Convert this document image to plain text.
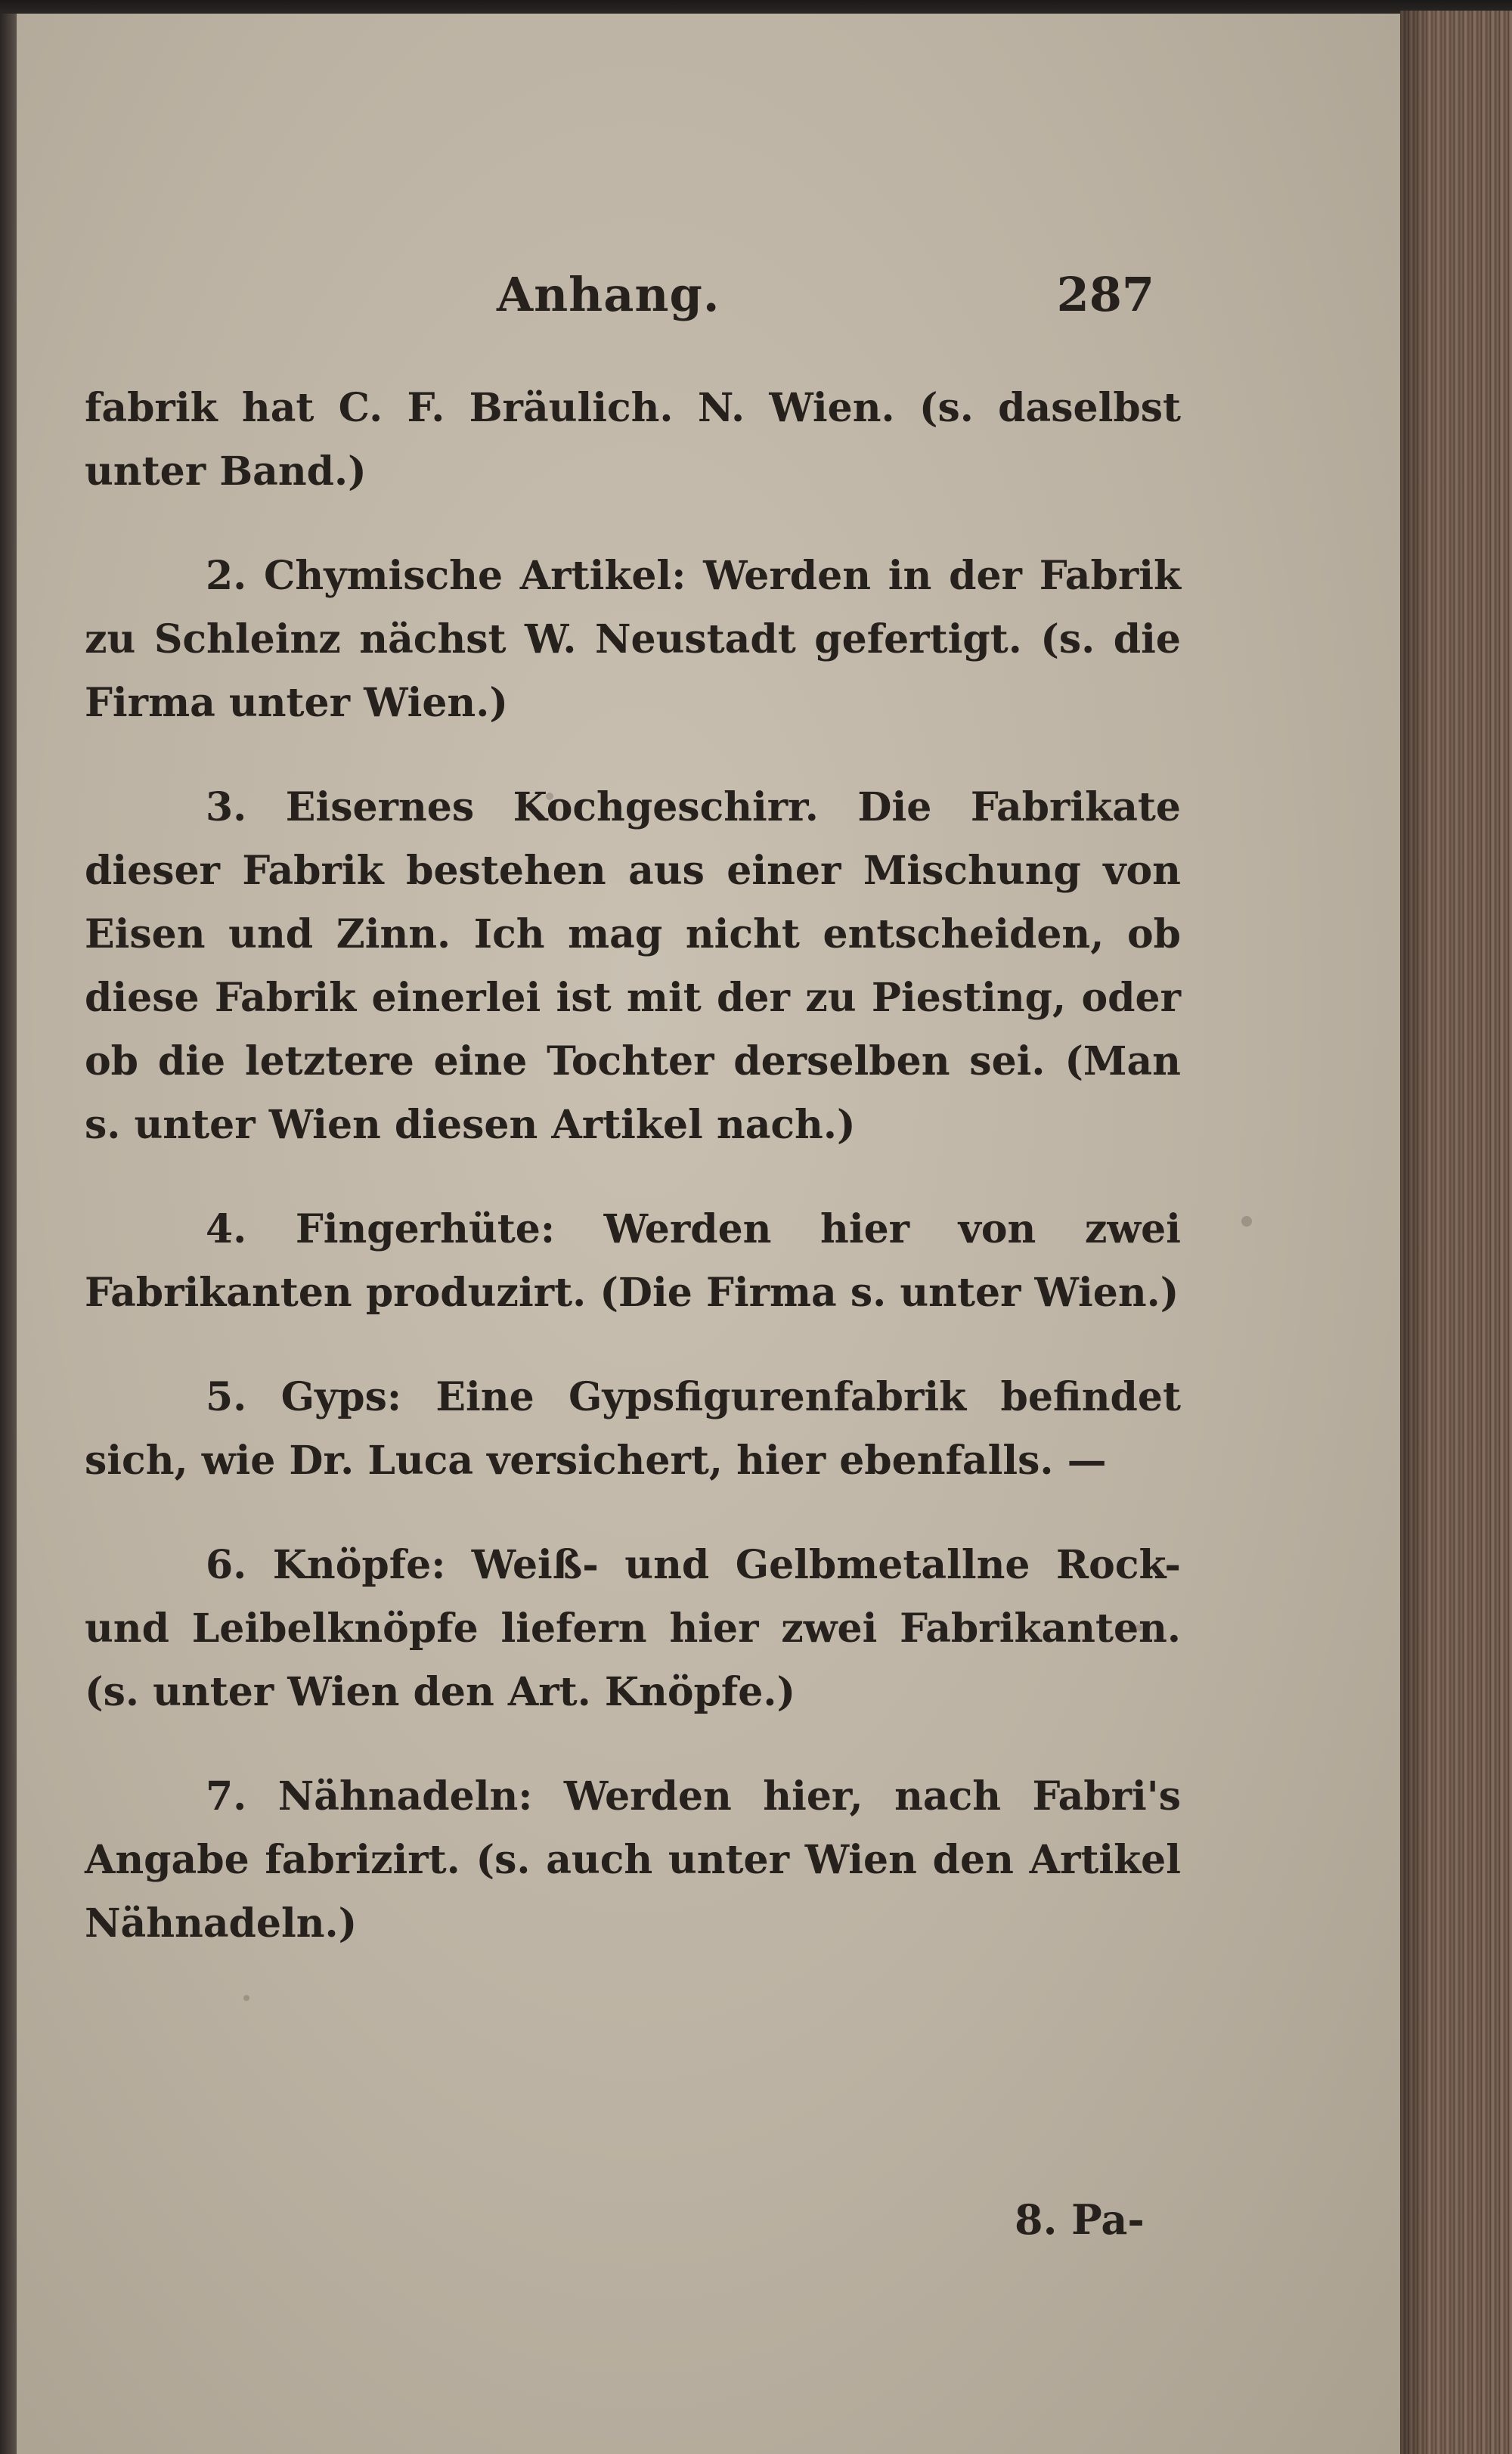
Anhang.	287

fabrik hat C. F. Bräulich. N. Wien. (s. daselbst unter Band.)

2. Chymische Artikel: Werden in der Fabrik zu Schleinz nächst W. Neustadt gefertigt. (s. die Firma unter Wien.)

3. Eisernes Kochgeschirr. Die Fabrikate dieser Fabrik bestehen aus einer Mischung von Eisen und Zinn. Ich mag nicht entscheiden, ob diese Fabrik einerlei ist mit der zu Piesting, oder ob die letztere eine Tochter derselben sei. (Man s. unter Wien diesen Artikel nach.)

4. Fingerhüte: Werden hier von zwei Fabrikanten produzirt. (Die Firma s. unter Wien.)

5. Gyps: Eine Gypsfigurenfabrik befindet sich, wie Dr. Luca versichert, hier ebenfalls. —

6. Knöpfe: Weiß- und Gelbmetallne Rock- und Leibelknöpfe liefern hier zwei Fabrikanten. (s. unter Wien den Art. Knöpfe.)

7. Nähnadeln: Werden hier, nach Fabri's Angabe fabrizirt. (s. auch unter Wien den Artikel Nähnadeln.)

8. Pa-
